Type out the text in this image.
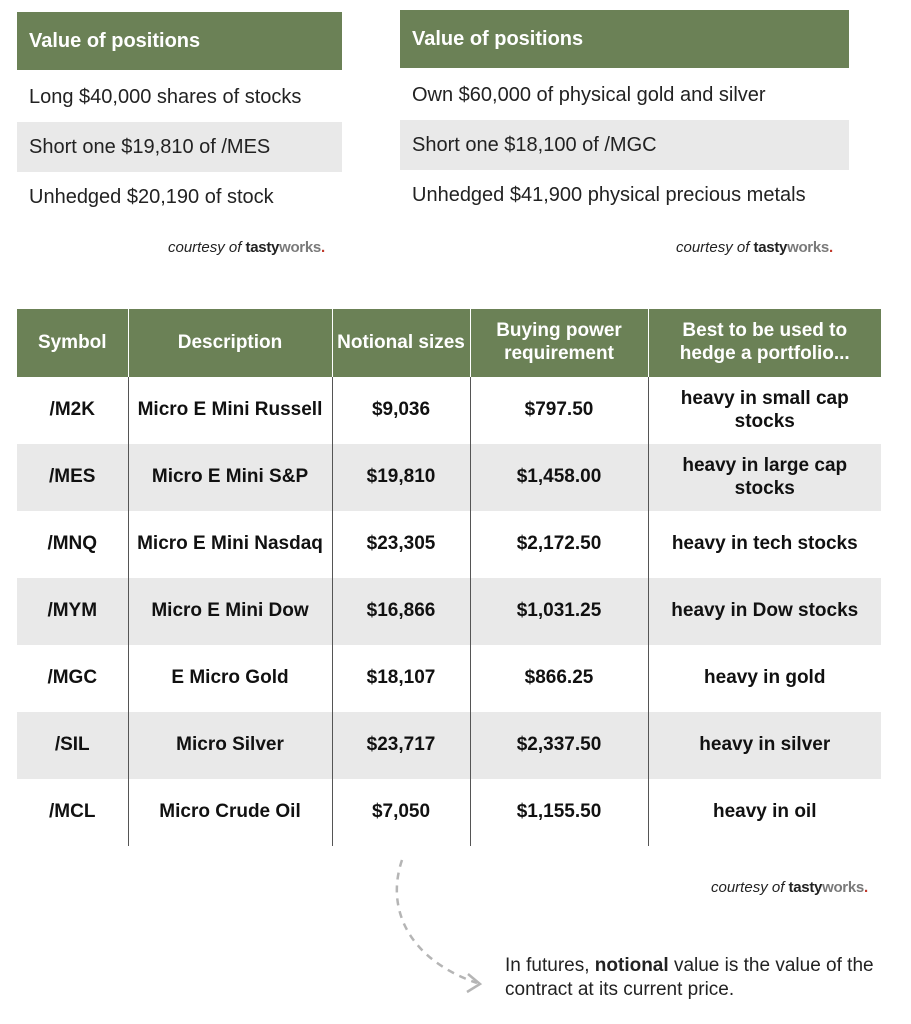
Value of positions
Long $40,000 shares of stocks
Short one $19,810 of /MES
Unhedged $20,190 of stock
courtesy of tastyworks.
Value of positions
Own $60,000 of physical gold and silver
Short one $18,100 of /MGC
Unhedged $41,900 physical precious metals
courtesy of tastyworks.
Symbol	Description	Notional sizes	Buying power requirement	Best to be used to hedge a portfolio...
/M2K	Micro E Mini Russell	$9,036	$797.50	heavy in small cap stocks
/MES	Micro E Mini S&P	$19,810	$1,458.00	heavy in large cap stocks
/MNQ	Micro E Mini Nasdaq	$23,305	$2,172.50	heavy in tech stocks
/MYM	Micro E Mini Dow	$16,866	$1,031.25	heavy in Dow stocks
/MGC	E Micro Gold	$18,107	$866.25	heavy in gold
/SIL	Micro Silver	$23,717	$2,337.50	heavy in silver
/MCL	Micro Crude Oil	$7,050	$1,155.50	heavy in oil
courtesy of tastyworks.
In futures, notional value is the value of the contract at its current price.
